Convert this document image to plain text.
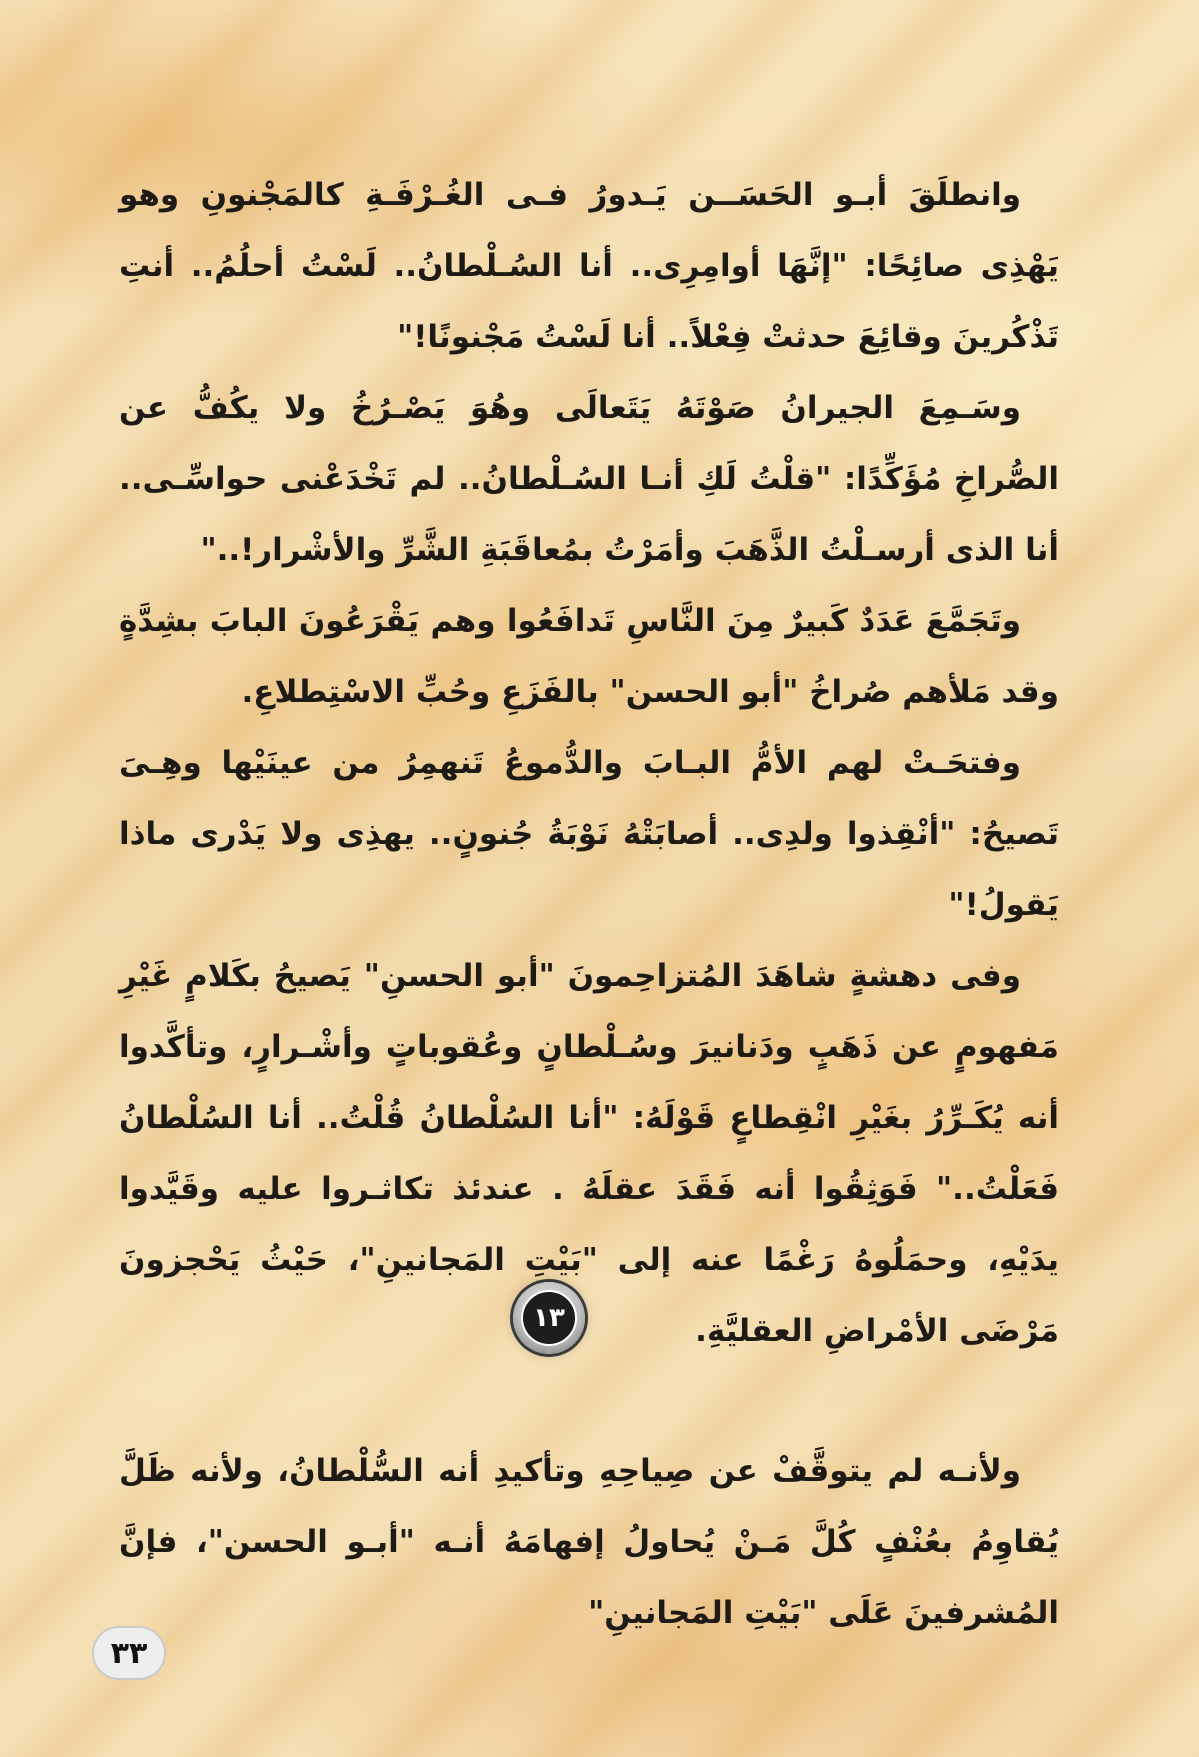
وانطلَقَ أبـو الحَسَــن يَـدورُ فـى الغُـرْفَـةِ كالمَجْنونِ وهو يَهْذِى صائِحًا: "إنَّهَا أوامِرِى.. أنا السُـلْطانُ.. لَسْتُ أحلُمُ.. أنتِ تَذْكُرينَ وقائِعَ حدثتْ فِعْلاً.. أنا لَسْتُ مَجْنونًا!"

وسَـمِعَ الجيرانُ صَوْتَهُ يَتَعالَى وهُوَ يَصْـرُخُ ولا يكُفُّ عن الصُّراخِ مُؤَكِّدًا: "قلْتُ لَكِ أنـا السُـلْطانُ.. لم تَخْدَعْنى حواسِّـى.. أنا الذى أرسـلْتُ الذَّهَبَ وأمَرْتُ بمُعاقَبَةِ الشَّرِّ والأشْرار!.."

وتَجَمَّعَ عَدَدٌ كَبيرٌ مِنَ النَّاسِ تَدافَعُوا وهم يَقْرَعُونَ البابَ بشِدَّةٍ وقد مَلأهم صُراخُ "أبو الحسن" بالفَزَعِ وحُبِّ الاسْتِطلاعِ.

وفتحَـتْ لهم الأمُّ البـابَ والدُّموعُ تَنهمِرُ من عينَيْها وهِـىَ تَصيحُ: "أنْقِذوا ولدِى.. أصابَتْهُ نَوْبَةُ جُنونٍ.. يهذِى ولا يَدْرى ماذا يَقولُ!"

وفى دهشةٍ شاهَدَ المُتزاحِمونَ "أبو الحسنِ" يَصيحُ بكَلامٍ غَيْرِ مَفهومٍ عن ذَهَبٍ ودَنانيرَ وسُـلْطانٍ وعُقوباتٍ وأشْـرارٍ، وتأكَّدوا أنه يُكَـرِّرُ بغَيْرِ انْقِطاعٍ قَوْلَهُ: "أنا السُلْطانُ قُلْتُ.. أنا السُلْطانُ فَعَلْتُ.." فَوَثِقُوا أنه فَقَدَ عقلَهُ . عندئذ تكاثـروا عليه وقَيَّدوا يدَيْهِ، وحمَلُوهُ رَغْمًا عنه إلى "بَيْتِ المَجانينِ"، حَيْثُ يَحْجزونَ مَرْضَى الأمْراضِ العقليَّةِ.

١٣

ولأنـه لم يتوقَّفْ عن صِياحِهِ وتأكيدِ أنه السُّلْطانُ، ولأنه ظَلَّ يُقاوِمُ بعُنْفٍ كُلَّ مَـنْ يُحاولُ إفهامَهُ أنـه "أبـو الحسن"، فإنَّ المُشرفينَ عَلَى "بَيْتِ المَجانينِ"

٣٣
